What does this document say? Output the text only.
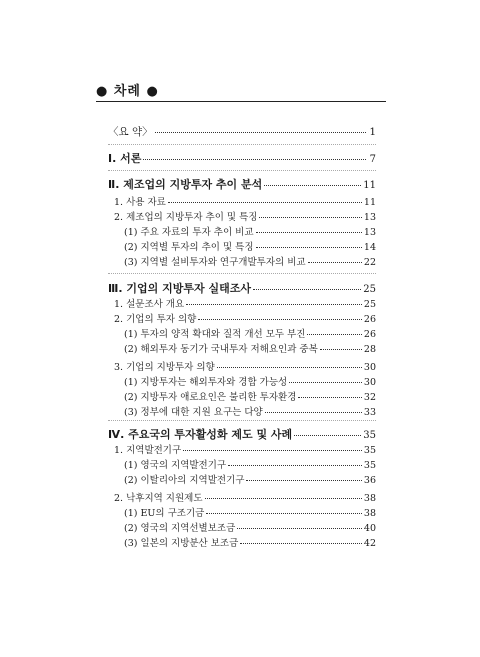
● 차례 ●
〈요 약〉	1
Ⅰ. 서론	7
Ⅱ. 제조업의 지방투자 추이 분석	11
1. 사용 자료	11
2. 제조업의 지방투자 추이 및 특징	13
(1) 주요 자료의 투자 추이 비교	13
(2) 지역별 투자의 추이 및 특징	14
(3) 지역별 설비투자와 연구개발투자의 비교	22
Ⅲ. 기업의 지방투자 실태조사	25
1. 설문조사 개요	25
2. 기업의 투자 의향	26
(1) 투자의 양적 확대와 질적 개선 모두 부진	26
(2) 해외투자 동기가 국내투자 저해요인과 중복	28
3. 기업의 지방투자 의향	30
(1) 지방투자는 해외투자와 경합 가능성	30
(2) 지방투자 애로요인은 불리한 투자환경	32
(3) 정부에 대한 지원 요구는 다양	33
Ⅳ. 주요국의 투자활성화 제도 및 사례	35
1. 지역발전기구	35
(1) 영국의 지역발전기구	35
(2) 이탈리아의 지역발전기구	36
2. 낙후지역 지원제도	38
(1) EU의 구조기금	38
(2) 영국의 지역선별보조금	40
(3) 일본의 지방분산 보조금	42
